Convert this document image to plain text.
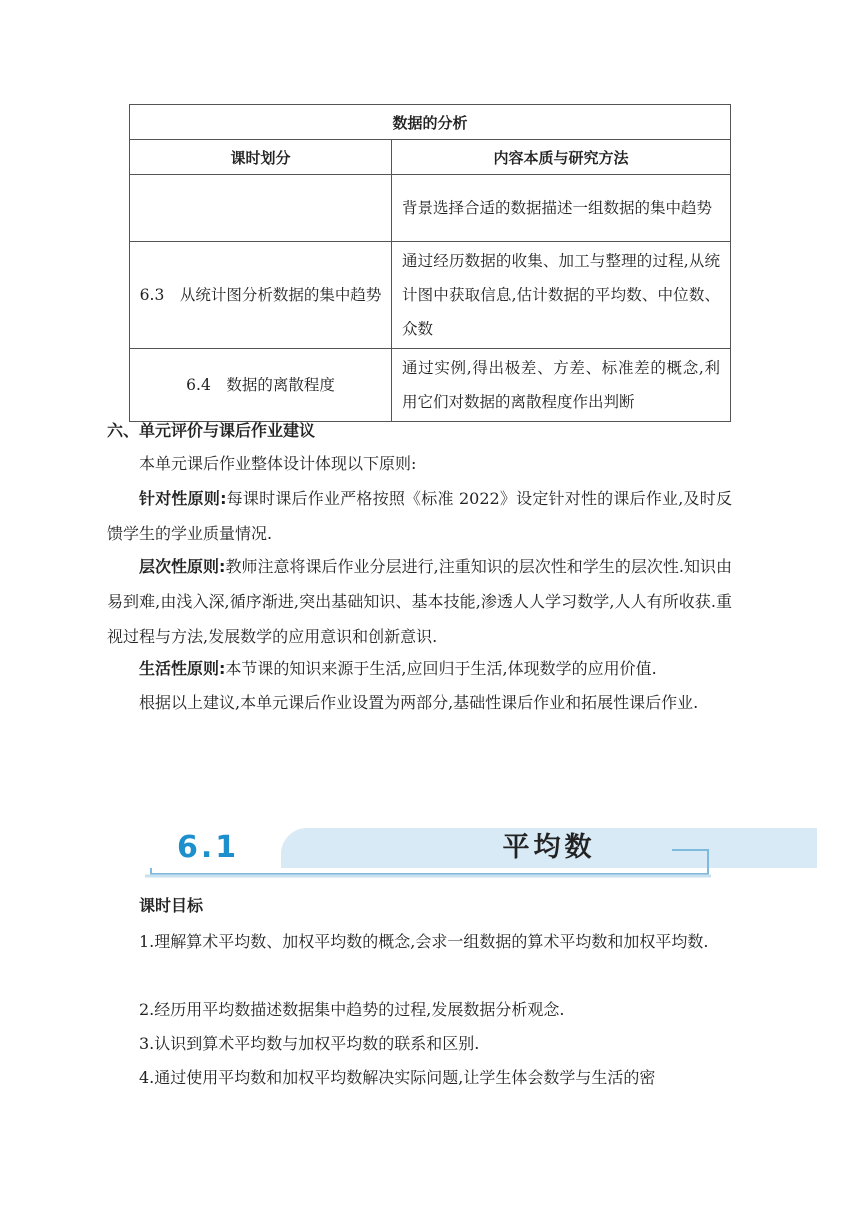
数据的分析	
课时划分	内容本质与研究方法
	背景选择合适的数据描述一组数据的集中趋势
6.3　从统计图分析数据的集中趋势	通过经历数据的收集、加工与整理的过程,从统计图中获取信息,估计数据的平均数、中位数、众数
6.4　数据的离散程度	通过实例,得出极差、方差、标准差的概念,利用它们对数据的离散程度作出判断
六、单元评价与课后作业建议

本单元课后作业整体设计体现以下原则:

针对性原则:每课时课后作业严格按照《标准 2022》设定针对性的课后作业,及时反馈学生的学业质量情况.

层次性原则:教师注意将课后作业分层进行,注重知识的层次性和学生的层次性.知识由易到难,由浅入深,循序渐进,突出基础知识、基本技能,渗透人人学习数学,人人有所收获.重视过程与方法,发展数学的应用意识和创新意识.

生活性原则:本节课的知识来源于生活,应回归于生活,体现数学的应用价值.

根据以上建议,本单元课后作业设置为两部分,基础性课后作业和拓展性课后作业.

6.1	平均数
课时目标

1.理解算术平均数、加权平均数的概念,会求一组数据的算术平均数和加权平均数.

2.经历用平均数描述数据集中趋势的过程,发展数据分析观念.

3.认识到算术平均数与加权平均数的联系和区别.

4.通过使用平均数和加权平均数解决实际问题,让学生体会数学与生活的密
